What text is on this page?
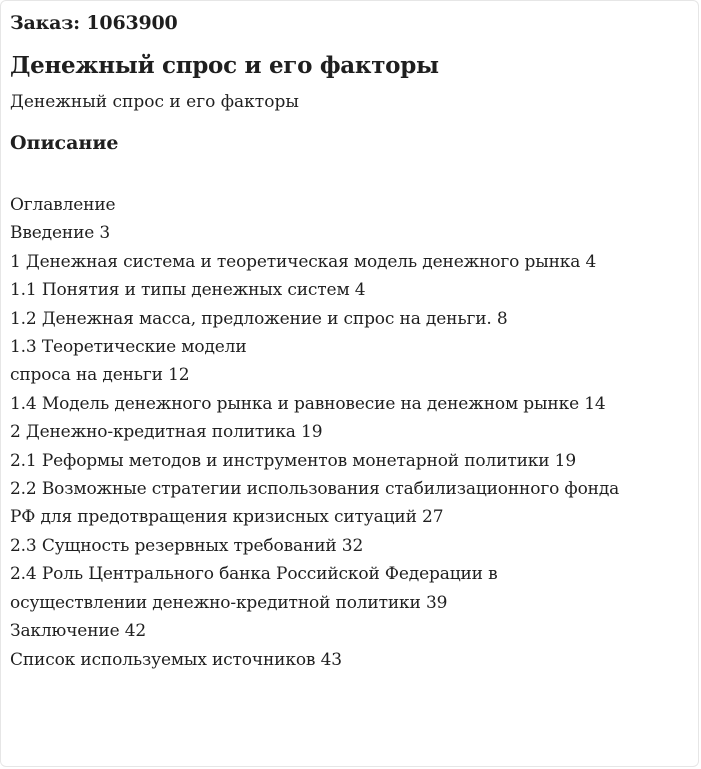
Заказ: 1063900

Денежный спрос и его факторы

Денежный спрос и его факторы

Описание
Оглавление
Введение 3
1 Денежная система и теоретическая модель денежного рынка 4
1.1 Понятия и типы денежных систем 4
1.2 Денежная масса, предложение и спрос на деньги. 8
1.3 Теоретические модели
спроса на деньги 12
1.4 Модель денежного рынка и равновесие на денежном рынке 14
2 Денежно-кредитная политика 19
2.1 Реформы методов и инструментов монетарной политики 19
2.2 Возможные стратегии использования стабилизационного фонда
РФ для предотвращения кризисных ситуаций 27
2.3 Сущность резервных требований 32
2.4 Роль Центрального банка Российской Федерации в
осуществлении денежно-кредитной политики 39
Заключение 42
Список используемых источников 43
